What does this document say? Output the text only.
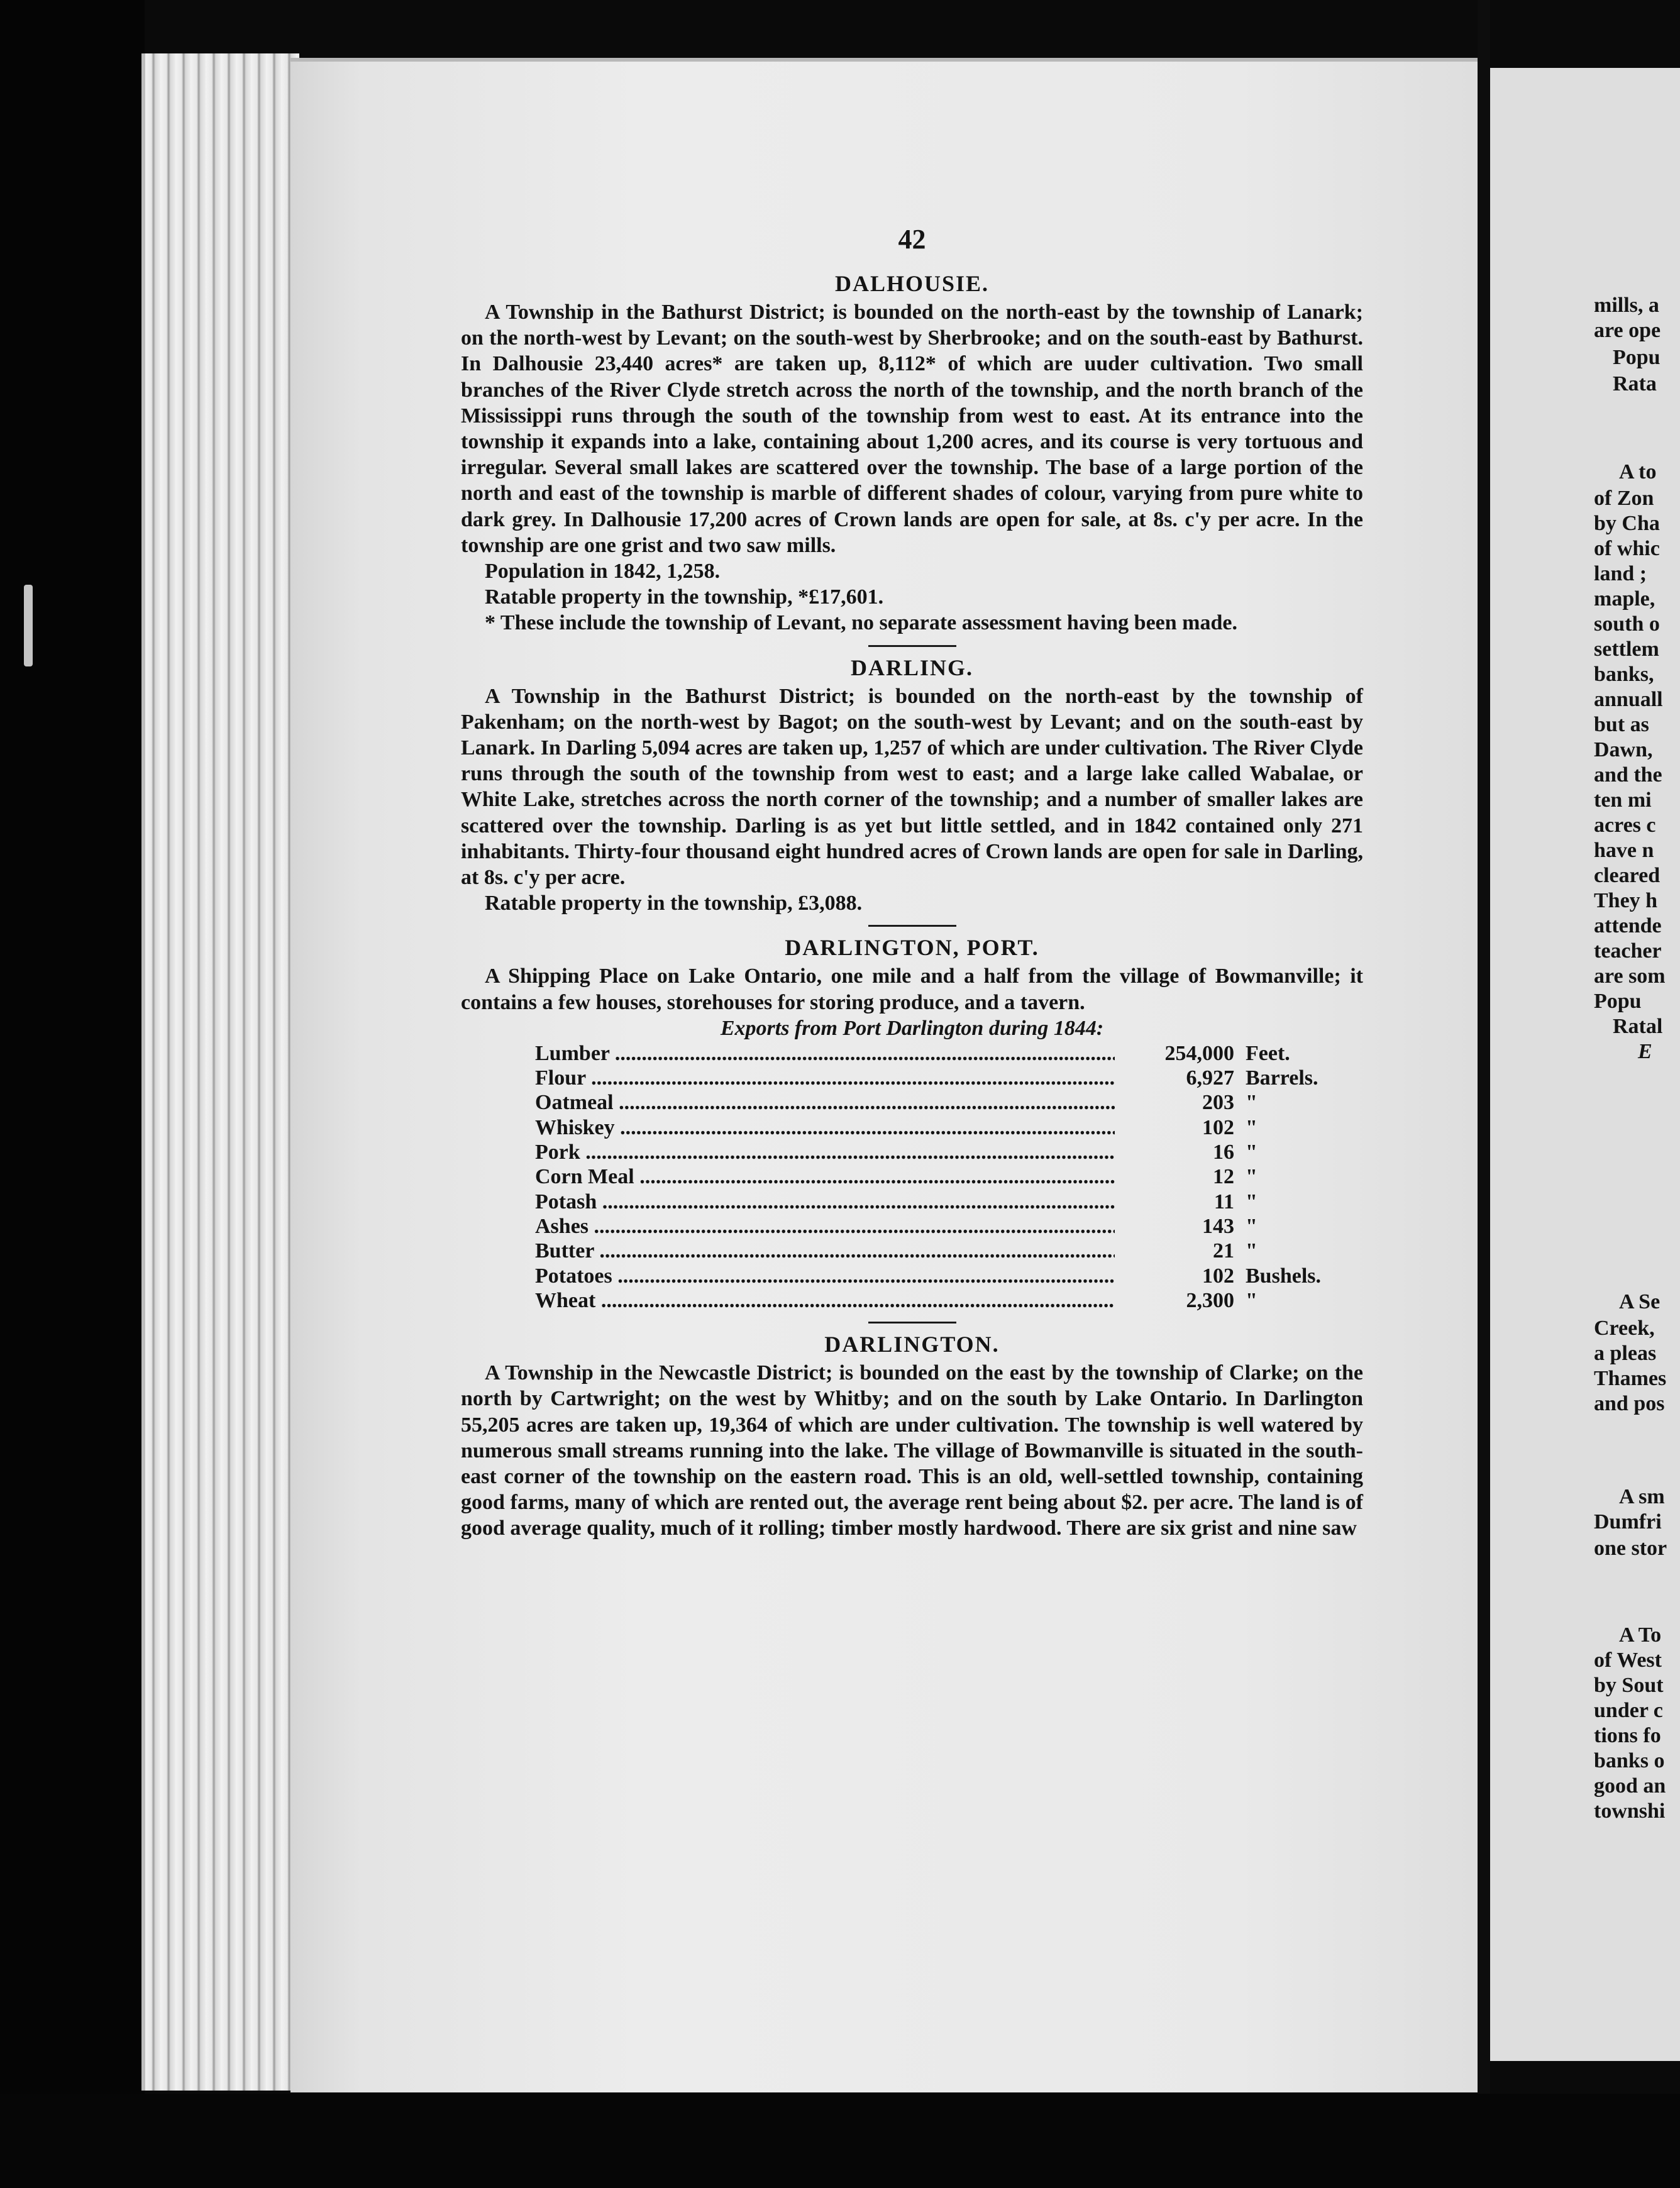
mills, a
are ope
Popu
Rata
A to
of Zon
by Cha
of whic
land ;
maple,
south o
settlem
banks,
annuall
but as
Dawn,
and the
ten mi
acres c
have n
cleared
They h
attende
teacher
are som
Popu
Ratal
E
A Se
Creek,
a pleas
Thames
and pos
A sm
Dumfri
one stor
A To
of West
by Sout
under c
tions fo
banks o
good an
townshi
42
DALHOUSIE.

A Township in the Bathurst District; is bounded on the north-east by the township of Lanark; on the north-west by Levant; on the south-west by Sherbrooke; and on the south-east by Bathurst. In Dalhousie 23,440 acres* are taken up, 8,112* of which are uuder cultivation. Two small branches of the River Clyde stretch across the north of the township, and the north branch of the Mississippi runs through the south of the township from west to east. At its entrance into the township it expands into a lake, containing about 1,200 acres, and its course is very tortuous and irregular. Several small lakes are scattered over the township. The base of a large portion of the north and east of the township is marble of different shades of colour, varying from pure white to dark grey. In Dalhousie 17,200 acres of Crown lands are open for sale, at 8s. c'y per acre. In the township are one grist and two saw mills.

Population in 1842, 1,258.

Ratable property in the township, *£17,601.

* These include the township of Levant, no separate assessment having been made.

DARLING.

A Township in the Bathurst District; is bounded on the north-east by the township of Pakenham; on the north-west by Bagot; on the south-west by Levant; and on the south-east by Lanark. In Darling 5,094 acres are taken up, 1,257 of which are under cultivation. The River Clyde runs through the south of the township from west to east; and a large lake called Wabalae, or White Lake, stretches across the north corner of the township; and a number of smaller lakes are scattered over the township. Darling is as yet but little settled, and in 1842 contained only 271 inhabitants. Thirty-four thousand eight hundred acres of Crown lands are open for sale in Darling, at 8s. c'y per acre.

Ratable property in the township, £3,088.

DARLINGTON, PORT.

A Shipping Place on Lake Ontario, one mile and a half from the village of Bowmanville; it contains a few houses, storehouses for storing produce, and a tavern.

Exports from Port Darlington during 1844:
Lumber .....	254,000 Feet.
Flour .....	6,927 Barrels.
Oatmeal .....	203 "
Whiskey .....	102 "
Pork .....	16 "
Corn Meal .....	12 "
Potash .....	11 "
Ashes .....	143 "
Butter .....	21 "
Potatoes .....	102 Bushels.
Wheat .....	2,300 "
DARLINGTON.

A Township in the Newcastle District; is bounded on the east by the township of Clarke; on the north by Cartwright; on the west by Whitby; and on the south by Lake Ontario. In Darlington 55,205 acres are taken up, 19,364 of which are under cultivation. The township is well watered by numerous small streams running into the lake. The village of Bowmanville is situated in the south-east corner of the township on the eastern road. This is an old, well-settled township, containing good farms, many of which are rented out, the average rent being about $2. per acre. The land is of good average quality, much of it rolling; timber mostly hardwood. There are six grist and nine saw
